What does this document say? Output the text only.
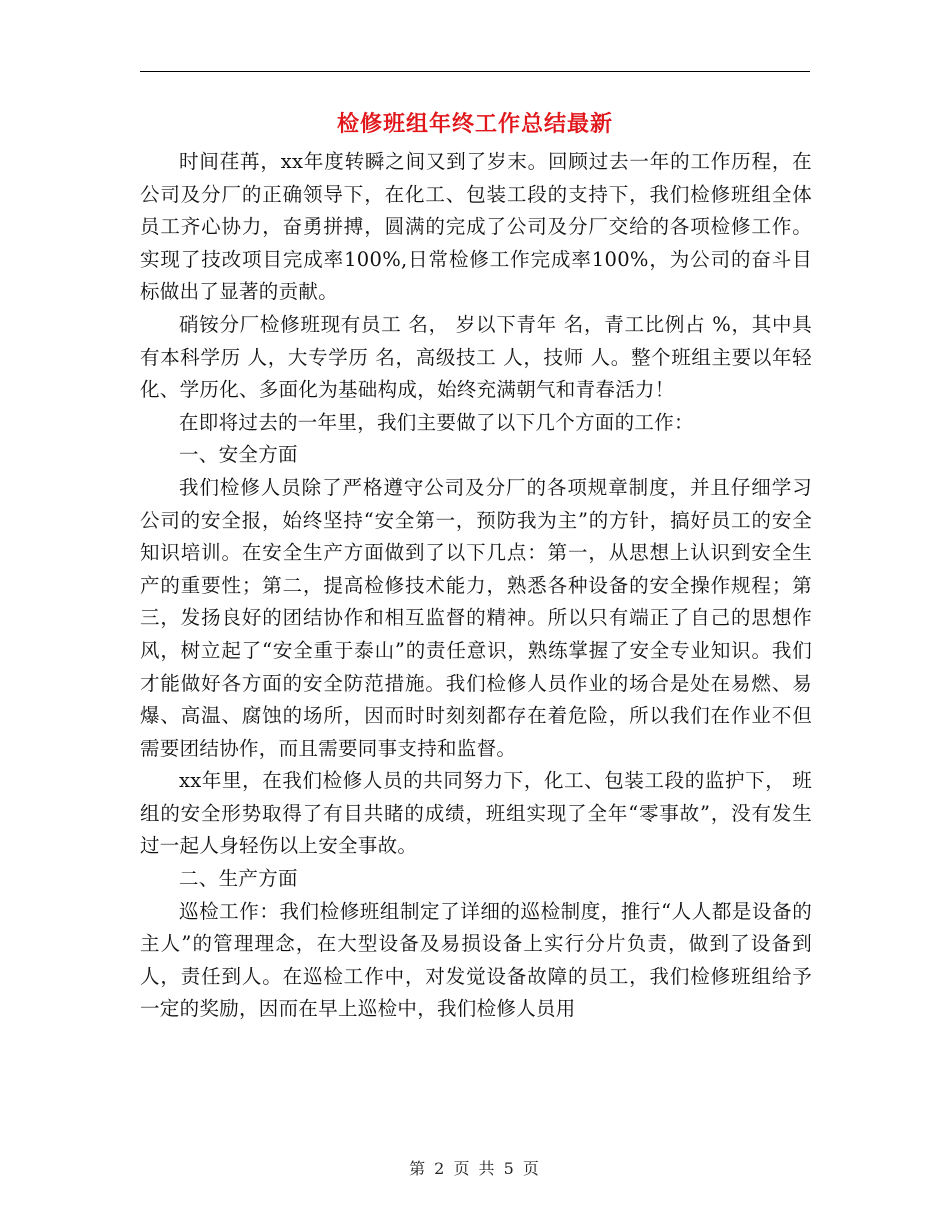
检修班组年终工作总结最新

时间荏苒，xx年度转瞬之间又到了岁末。回顾过去一年的工作历程，在公司及分厂的正确领导下，在化工、包装工段的支持下，我们检修班组全体员工齐心协力，奋勇拼搏，圆满的完成了公司及分厂交给的各项检修工作。实现了技改项目完成率100%,日常检修工作完成率100%，为公司的奋斗目标做出了显著的贡献。

硝铵分厂检修班现有员工 名， 岁以下青年 名，青工比例占 %，其中具有本科学历 人，大专学历 名，高级技工 人，技师 人。整个班组主要以年轻化、学历化、多面化为基础构成，始终充满朝气和青春活力！

在即将过去的一年里，我们主要做了以下几个方面的工作：

一、安全方面

我们检修人员除了严格遵守公司及分厂的各项规章制度，并且仔细学习公司的安全报，始终坚持“安全第一，预防我为主”的方针，搞好员工的安全知识培训。在安全生产方面做到了以下几点：第一，从思想上认识到安全生产的重要性；第二，提高检修技术能力，熟悉各种设备的安全操作规程；第三，发扬良好的团结协作和相互监督的精神。所以只有端正了自己的思想作风，树立起了“安全重于泰山”的责任意识，熟练掌握了安全专业知识。我们才能做好各方面的安全防范措施。我们检修人员作业的场合是处在易燃、易爆、高温、腐蚀的场所，因而时时刻刻都存在着危险，所以我们在作业不但需要团结协作，而且需要同事支持和监督。

xx年里，在我们检修人员的共同努力下，化工、包装工段的监护下， 班组的安全形势取得了有目共睹的成绩，班组实现了全年“零事故”，没有发生过一起人身轻伤以上安全事故。

二、生产方面

巡检工作：我们检修班组制定了详细的巡检制度，推行“人人都是设备的主人”的管理理念，在大型设备及易损设备上实行分片负责，做到了设备到人，责任到人。在巡检工作中，对发觉设备故障的员工，我们检修班组给予一定的奖励，因而在早上巡检中，我们检修人员用

第 2 页 共 5 页
